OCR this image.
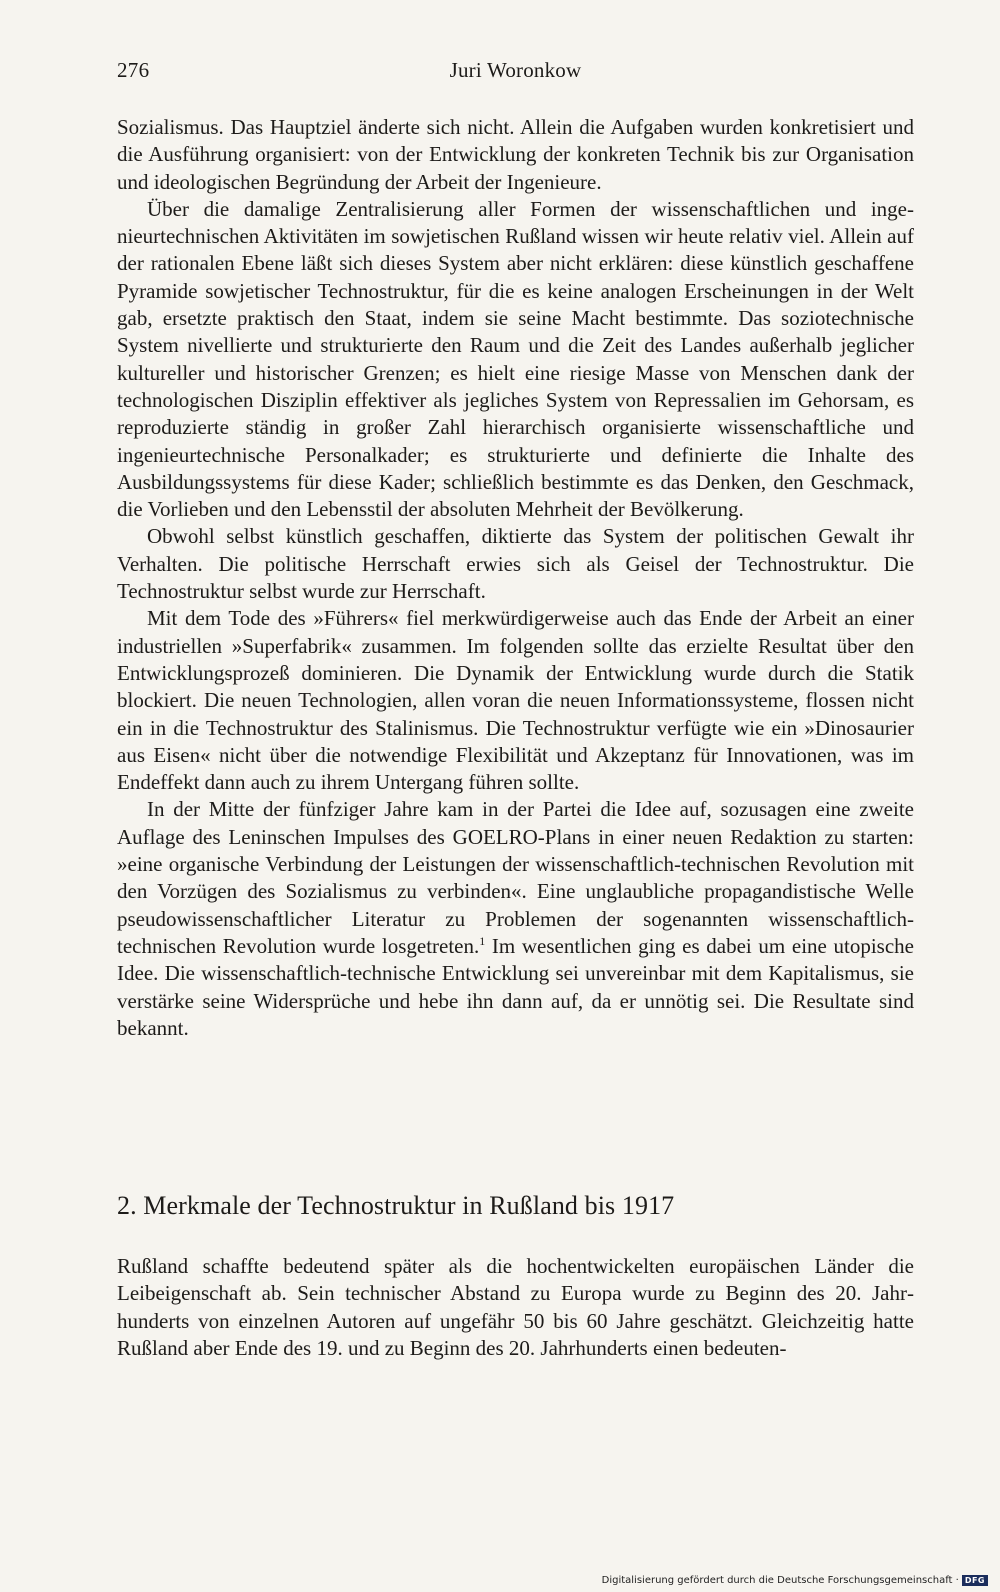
276	Juri Woronkow

Sozialismus. Das Hauptziel änderte sich nicht. Allein die Aufgaben wurden konkretisiert und die Ausführung organisiert: von der Entwicklung der konkreten Technik bis zur Organisation und ideologischen Begründung der Arbeit der Ingenieure.

Über die damalige Zentralisierung aller Formen der wissenschaftlichen und ingenieurtechnischen Aktivitäten im sowjetischen Rußland wissen wir heute relativ viel. Allein auf der rationalen Ebene läßt sich dieses System aber nicht erklären: diese künstlich geschaffene Pyramide sowjetischer Technostruktur, für die es keine analogen Erscheinungen in der Welt gab, ersetzte praktisch den Staat, indem sie seine Macht bestimmte. Das soziotechnische System nivellierte und strukturierte den Raum und die Zeit des Landes außerhalb jeglicher kultureller und historischer Grenzen; es hielt eine riesige Masse von Menschen dank der technologischen Disziplin effektiver als jegliches System von Repressalien im Gehorsam, es reproduzierte ständig in großer Zahl hierarchisch organisierte wissenschaftliche und ingenieurtechnische Personalkader; es strukturierte und definierte die Inhalte des Ausbildungssystems für diese Kader; schließlich bestimmte es das Denken, den Geschmack, die Vorlieben und den Lebensstil der absoluten Mehrheit der Bevölkerung.

Obwohl selbst künstlich geschaffen, diktierte das System der politischen Gewalt ihr Verhalten. Die politische Herrschaft erwies sich als Geisel der Technostruktur. Die Technostruktur selbst wurde zur Herrschaft.

Mit dem Tode des »Führers« fiel merkwürdigerweise auch das Ende der Arbeit an einer industriellen »Superfabrik« zusammen. Im folgenden sollte das erzielte Resultat über den Entwicklungsprozeß dominieren. Die Dynamik der Entwicklung wurde durch die Statik blockiert. Die neuen Technologien, allen voran die neuen Informationssysteme, flossen nicht ein in die Technostruktur des Stalinismus. Die Technostruktur verfügte wie ein »Dinosaurier aus Eisen« nicht über die notwendige Flexibilität und Akzeptanz für Innovationen, was im Endeffekt dann auch zu ihrem Untergang führen sollte.

In der Mitte der fünfziger Jahre kam in der Partei die Idee auf, sozusagen eine zweite Auflage des Leninschen Impulses des GOELRO-Plans in einer neuen Redaktion zu starten: »eine organische Verbindung der Leistungen der wissenschaftlich-technischen Revolution mit den Vorzügen des Sozialismus zu verbinden«. Eine unglaubliche propagandistische Welle pseudowissenschaftlicher Literatur zu Problemen der sogenannten wissenschaftlich-technischen Revolution wurde losgetreten.$^1$ Im wesentlichen ging es dabei um eine utopische Idee. Die wissenschaftlich-technische Entwicklung sei unvereinbar mit dem Kapitalismus, sie verstärke seine Widersprüche und hebe ihn dann auf, da er unnötig sei. Die Resultate sind bekannt.

2. Merkmale der Technostruktur in Rußland bis 1917

Rußland schaffte bedeutend später als die hochentwickelten europäischen Länder die Leibeigenschaft ab. Sein technischer Abstand zu Europa wurde zu Beginn des 20. Jahrhunderts von einzelnen Autoren auf ungefähr 50 bis 60 Jahre geschätzt. Gleichzeitig hatte Rußland aber Ende des 19. und zu Beginn des 20. Jahrhunderts einen bedeuten-

Digitalisierung gefördert durch die Deutsche Forschungsgemeinschaft · DFG
